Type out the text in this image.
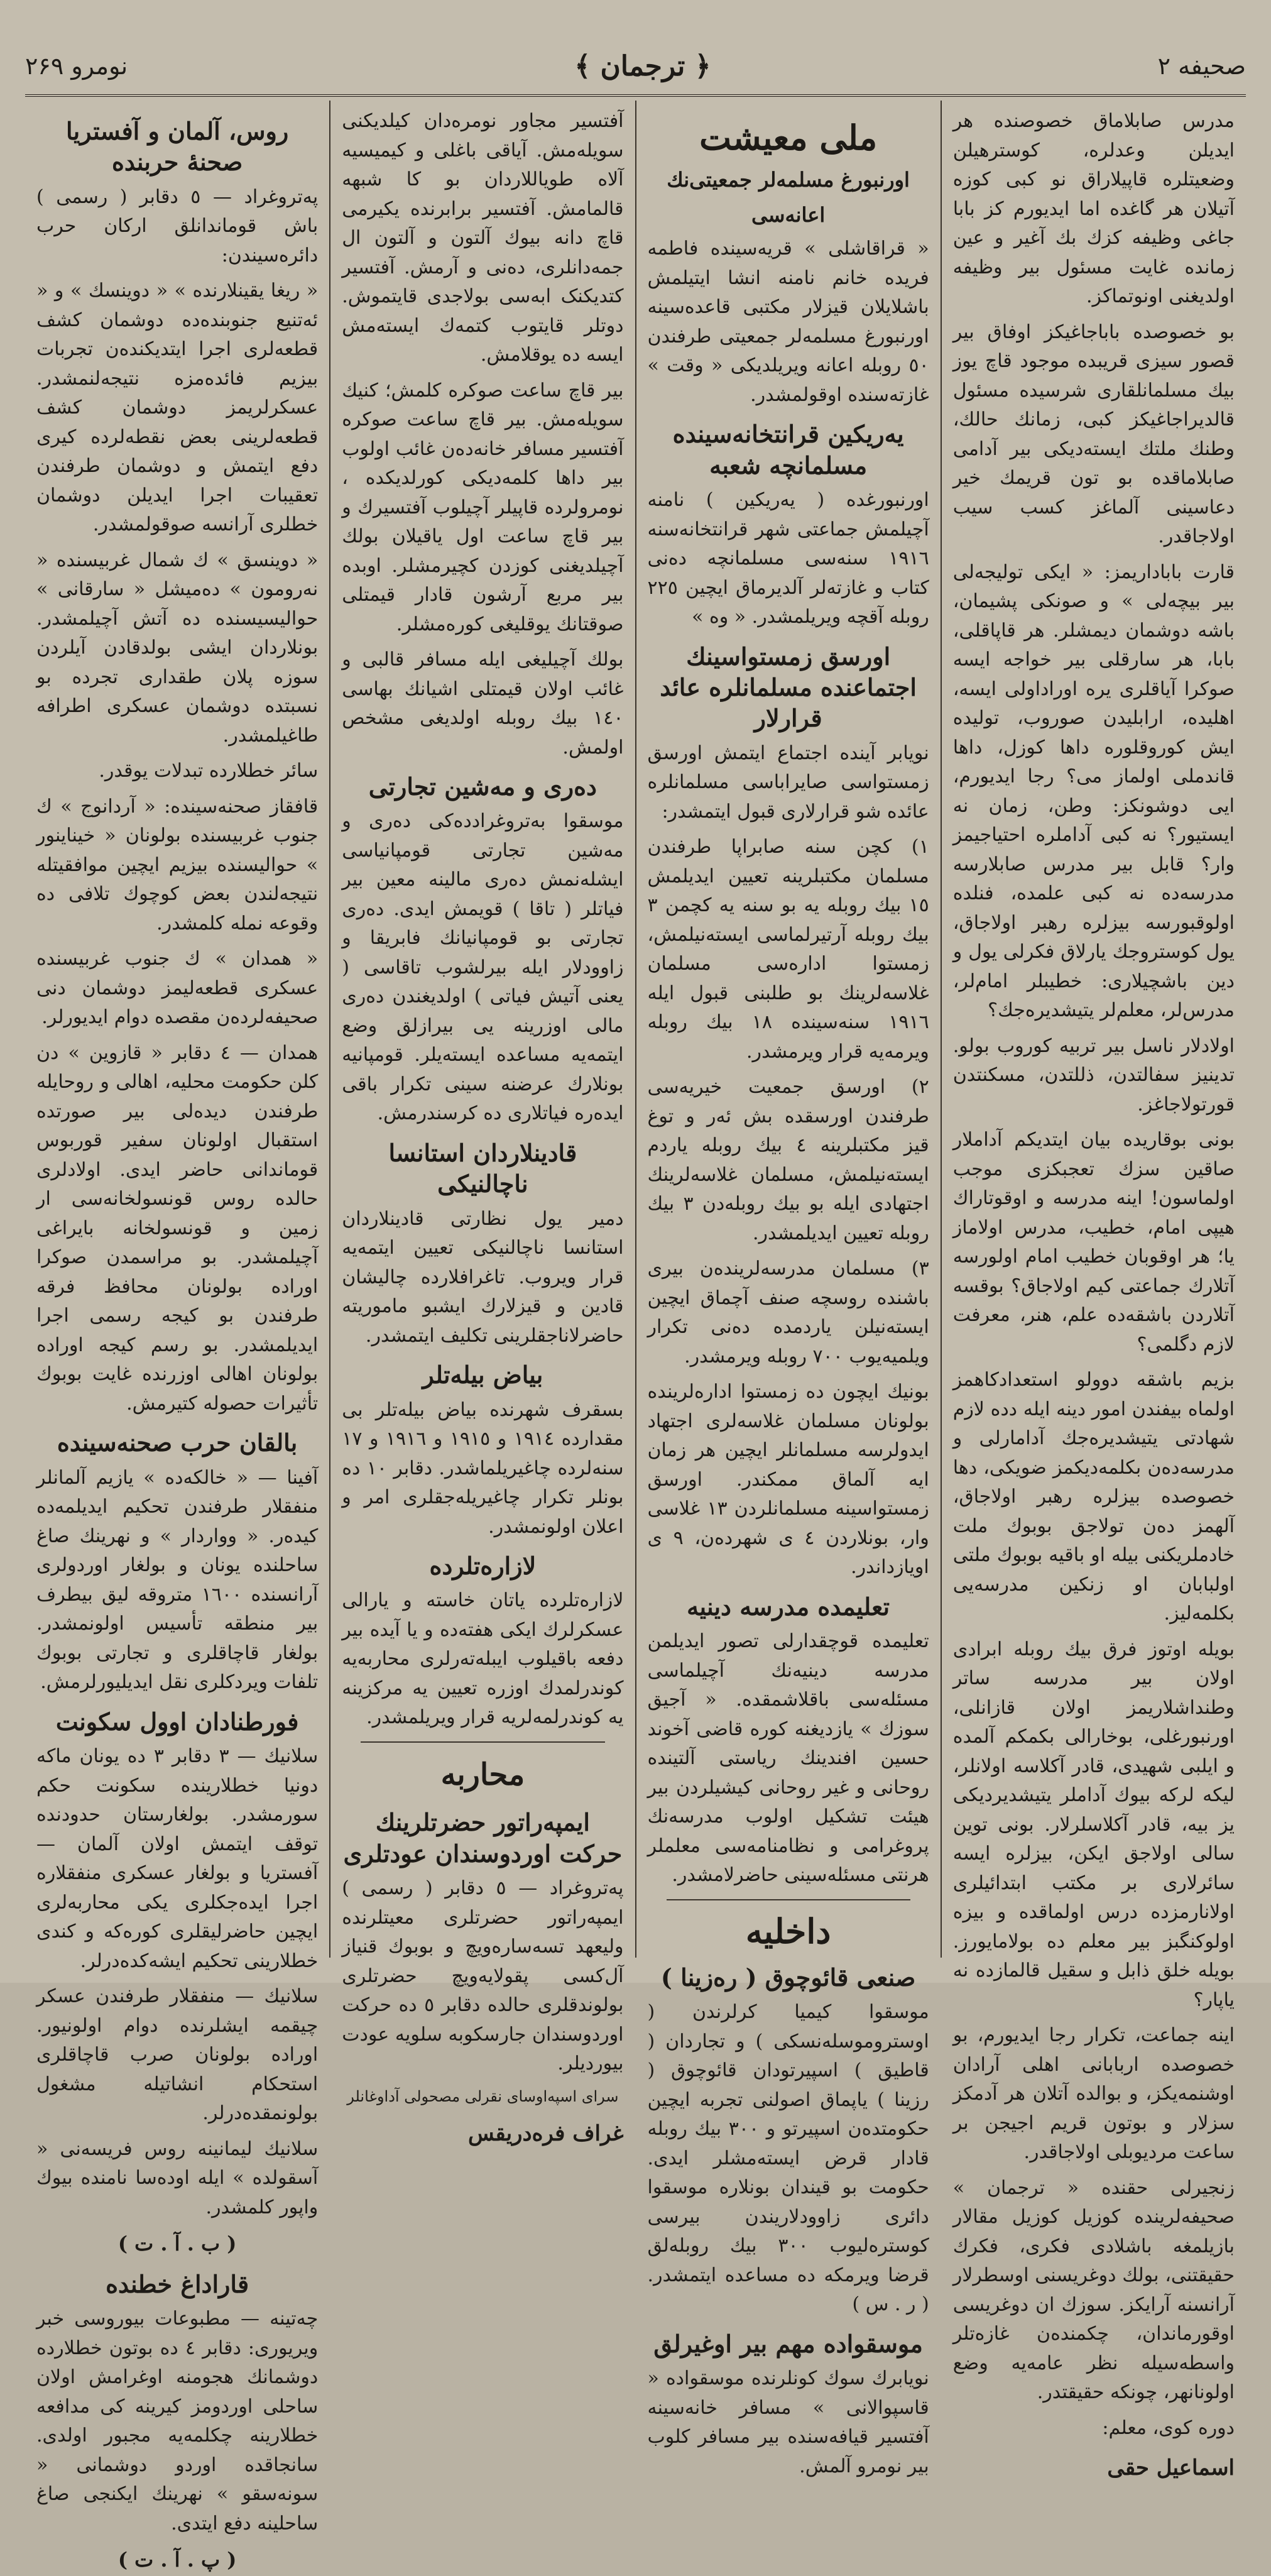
صحیفه ۲
﴿ ترجمان ﴾
نومرو ۲۶۹

مدرس صابلاماق خصوصنده هر ایدیلن وعدلره، کوسترهیلن وضعیتلره قاپیلاراق نو کبی کوزه آتیلان هر گاغده اما ایدیورم کز بابا جاغی وظیفه کزك بك آغیر و عین زمانده غایت مسئول بیر وظیفه اولدیغنی اونوتماکز.

بو خصوصده باباجاغیکز اوفاق بیر قصور سیزی قریبده موجود قاچ یوز بیك مسلمانلقاری شرسیده مسئول قالدیراجاغیکز کبی، زمانك حالك، وطنك ملتك ایسته‌دیکی بیر آدامی صابلاماقده بو تون قریمك خیر دعاسینی آلماغز کسب سیب اولاجاقدر.

قارت باباداریمز: « ایکی تولیجه‌لی بیر بیچه‌لی » و صونکی پشیمان، باشه دوشمان دیمشلر. هر قاپاقلی، بابا، هر سارقلی بیر خواجه ایسه صوکرا آیاقلری یره اوراداولی ایسه، اهلیده، ارابلیدن صوروب، تولیده ایش کوروقلوره داها کوزل، داها قاندملی اولماز می؟ رجا ایدیورم، ایی دوشونکز: وطن، زمان نه ایستیور؟ نه کبی آداملره احتیاجیمز وار؟ قابل بیر مدرس صابلارسه مدرسه‌ده نه کبی علمده، فنلده اولوقبورسه بیزلره رهبر اولاجاق، یول کوستروجك یارلاق فکرلی یول و دین باشچیلاری: خطیبلر امام‌لر، مدرس‌لر، معلم‌لر یتیشدیره‌جك؟

اولادلار ناسل بیر تربیه کوروب بولو. تدینیز سفالتدن، ذللتدن، مسکنتدن قورتولاجاغز.

بونی بوقاریده بیان ایتدیکم آداملار صاقین سزك تعجبکزی موجب اولماسون! اینه مدرسه و اوقوتاراك هیپی امام، خطیب، مدرس اولاماز یا؛ هر اوقوبان خطیب امام اولورسه آتلارك جماعتی کیم اولاجاق؟ بوقسه آتلاردن باشقه‌ده علم، هنر، معرفت لازم دگلمی؟

بزیم باشقه دوولو استعداد‌کاهمز اولماه بیفندن امور دینه ایله دده لازم شهادتی یتیشدیره‌جك آدامارلی و مدرسه‌ده‌ن بكلمه‌دیکمز ضویکی، دها خصوصده بیزلره رهبر اولاجاق، آلهمز ده‌ن تولاجق بوبوك ملت خادملریکنی بیله او باقیه بوبوك ملتی اولبابان او زنکین مدرسه‌یی بکلمه‌لیز.

بویله اوتوز فرق بیك روبله ابرادی اولان بیر مدرسه ساتر وطنداشلاریمز اولان قازانلی، اورنبورغلی، بوخارالی بکمکم آلمده و ایلبی شهیدی، قادر آکلاسه اولانلر، لیکه لرکه بیوك آداملر یتیشدیردیکی یز بیه، قادر آکلاسلرلار. بونی توین سالی اولاجق ایکن، بیزلره ایسه سائرلاری بر مکتب ابتدائیلری اولانارمزده درس اولماقده و بیزه اولوکنگبز بیر معلم ده بولامایورز. بویله خلق ذابل و سقیل قالمازده نه یاپار؟

اینه جماعت، تکرار رجا ایدیورم، بو خصوصده اربابانی اهلی آرادان اوشنمه‌یکز، و بوالده آتلان هر آدمکز سزلار و بوتون قریم اجیجن بر ساعت مردیوبلی اولاجاقدر.

زنجیرلی حقنده « ترجمان » صحیفه‌لرینده کوزیل کوزیل مقالار بازیلمغه باشلادی فکری، فکرك حقیقتنی، بولك دوغریسنی اوسطرلار آرانسنه آرایکز. سوزك ان دوغریسی اوقورماندان، چکمنده‌ن غاز‌ه‌تلر واسطه‌سیله نظر عامه‌یه وضع اولونانهر، چونکه حقیقتدر.

دوره کوی، معلم:
اسماعیل حقی
ملی معیشت
اورنبورغ مسلمه‌لر جمعیتی‌نك
اعانه‌سی

« قراقاشلی » قریه‌سینده فاطمه فریده خانم نامنه انشا ایتیلمش باشلایلان قیزلار مکتبی قاعده‌سینه اورنبورغ مسلمه‌لر جمعیتی طرفندن ٥٠ روبله اعانه ویریلدیکی « وقت » غازته‌سنده اوقولمشدر.

یه‌ریکین قرانتخانه‌سینده مسلمانچه شعبه

اورنبورغده ( یه‌ریکین ) نامنه آچیلمش جماعتی شهر قرانتخانه‌سنه ١٩١٦ سنه‌سی مسلمانچه ده‌نی کتاب و غازته‌لر آلدیرماق ایچین ٢٢٥ روبله آقچه ویریلمشدر. « وه »

اورسق زمستواسینك اجتماعنده مسلمانلره عائد قرارلار

نویابر آینده اجتماع ایتمش اورسق زمستواسی صایراباسی مسلمانلره عائده شو قرارلاری قبول ایتمشدر:

١) کچن سنه صابراپا طرفندن مسلمان مکتبلرینه تعیین ایدیلمش ١٥ بیك روبله یه بو سنه یه کچمن ٣ بیك روبله آرتیرلماسی ایسته‌نیلمش، زمستوا اداره‌سی مسلمان غلاسه‌لرینك بو طلبنی قبول ایله ١٩١٦ سنه‌سینده ١٨ بیك روبله ویرمه‌یه قرار ویرمشدر.

٢) اورسق جمعیت خیریه‌سی طرفندن اورسقده بش ئه‌ر و توغ قیز مکتبلرینه ٤ بیك روبله یاردم ایسته‌نیلمش، مسلمان غلاسه‌لرینك اجتهادی ایله بو بیك روبله‌دن ٣ بیك روبله تعیین ایدیلمشدر.

٣) مسلمان مدرسه‌لرینده‌ن بیری باشنده روسچه صنف آچماق ایچین ایسته‌نیلن یاردمده ده‌نی تکرار ویلمیه‌یوب ٧٠٠ روبله ویرمشدر.

بونیك ایچون ده زمستوا اداره‌لرینده بولونان مسلمان غلاسه‌لری اجتهاد ایدولرسه مسلمانلر ایچین هر زمان ایه آلماق ممکندر. اورسق زمستواسینه مسلمانلردن ١٣ غلاسی وار، بونلاردن ٤ ی شهرده‌ن، ٩ ی اویازداندر.

تعلیمده مدرسه دینیه

تعلیمده قوچقدارلی تصور ایدیلمن مدرسه دینیه‌نك آچیلماسی مسئله‌سی باقلاشمقده. « آجیق سوزك » یازدیغنه کوره قاضی آخوند حسین‌ افندینك ریاستی آلتینده روحانی و غیر روحانی کیشیلردن بیر هیئت تشکیل اولوب مدرسه‌نك پروغرامی و نظامنامه‌سی معلملر هرنتی مسئله‌سینی حاضرلامشدر.

داخلیه
صنعی قائوچوق ( ره‌زینا )

موسقوا کیمیا کرلرندن ( اوستروموسله‌نسکی ) و تجاردان ( قاطیق ) اسپیرتودان قائوچوق ( رزینا ) یاپماق اصولنی تجربه ایچین حکومتده‌ن اسپیرتو و ٣٠٠ بیك روبله قادار قرض ایسته‌مشلر ایدی. حکومت بو قیندان بونلاره موسقوا دائری زاوودلاریندن بیرسی کوستره‌لیوب ٣٠٠ بیك روبله‌لق قرضا ویرمکه ده مساعده ایتمشدر. ( ر . س )

موسقواده مهم بیر اوغیرلق

نویابرك سوك کونلرنده موسقواده « قاسپوالانی » مسافر خانه‌سینه آفتسیر قیافه‌سنده بیر مسافر کلوب بیر نومرو آلمش.

آفتسیر مجاور نومره‌دان کیلدیکنی سویله‌مش. آیاقی باغلی و کیمیسیه آلاه طویاللاردان بو کا شبهه قالمامش. آفتسیر برابرنده یکیرمی قاچ دانه بیوك آلتون و آلتون ال جمه‌دانلری، ده‌نی و آرمش. آفتسیر کتدیکنک ابه‌سی بولاجدی قایتموش. دوتلر قایتوب کتمه‌ك ایسته‌مش ایسه ده یوقلامش.

بیر قاچ ساعت صوکره کلمش؛ کنیك سویله‌مش. بیر قاچ ساعت صوکره آفتسیر مسافر خانه‌ده‌ن غائب اولوب بیر داها کلمه‌دیکی کورلدیکده ، نومرولرده قاپیلر آچیلوب آفتسیرك و بیر قاچ ساعت اول یاقیلان بولك آچیلدیغنی کوزدن کچیرمشلر. اوبده بیر مربع آرشون قادار قیمتلی صوقتانك یوقلیغی کوره‌مشلر.

بولك آچیلیغی ایله مسافر قالبی و غائب اولان قیمتلی اشیانك بهاسی ١٤٠ بیك روبله اولدیغی مشخص اولمش.

ده‌ری و مه‌شین تجارتی

موسقوا به‌تروغرادده‌کی ده‌ری و مه‌شین تجارتی قومپانیاسی ایشله‌نمش ده‌ری مالینه معین بیر فیاتلر ( تاقا ) قویمش ایدی. ده‌ری تجارتی بو قومپانیانك فابریقا و زاوودلار ایله بیرلشوب تاقاسی ( یعنی آتیش فیاتی ) اولدیغندن ده‌ری مالی اوزرینه یی بیرازلق وضع ایتمه‌یه مساعده ایسته‌یلر. قومپانیه بونلارك عرضنه سینی تکرار باقی ایده‌ره فیاتلاری ده کرسندرمش.

قادینلاردان استانسا ناچالنیکی

دمیر یول نظارتی قادینلاردان استانسا ناچالنیکی تعیین ایتمه‌یه قرار ویروب. تاغرافلارده چالیشان قادین و قیزلارك ایشبو ماموریته حاضرلاناجقلرینی تکلیف ایتمشدر.

بیاض بیله‌تلر

بسقرف شهرنده بیاض بیله‌تلر بی مقدارده ١٩١٤ و ١٩١٥ و ١٩١٦ و ١٧ سنه‌لرده چاغیریلماشدر. دقابر ١٠ ده بونلر تکرار چاغیریله‌جقلری امر و اعلان اولونمشدر.

لازاره‌تلرده

لازاره‌تلرده یاتان خاسته و یارالی عسکرلرك ایکی هفته‌ده و یا آیده بیر دفعه باقیلوب ایبله‌ته‌رلری محاربه‌یه کوندرلمدك اوزره تعیین یه مرکزینه یه کوندرلمه‌لریه قرار ویریلمشدر.

محاربه
ایمپه‌راتور حضرتلرینك حرکت اوردوسندان عودتلری

په‌تروغراد — ٥ دقابر ( رسمی ) ایمپه‌راتور حضرتلری معیتلرنده ولیعهد تسه‌ساره‌ویچ و بوبوك قنیاز آل‌کسی پقولایه‌ویچ حضرتلری بولوندقلری حالده دقابر ٥ ده حرکت اوردوسندان جارسکوبه سلویه عودت بیوردیلر.

سرای اسپه‌اوسای نقرلی مصحولی آداوغانلر
غراف فره‌دریقس
روس، آلمان و آفستریا صحنهٔ حربنده

په‌تروغراد — ٥ دقابر ( رسمی ) باش قوماندانلق ارکان حرب دائره‌سیندن:

« ریغا یقینلارنده » « دوینسك » و « ئه‌تنیع جنوبنده‌ده دوشمان کشف قطعه‌لری اجرا ایتدیکنده‌ن تجربات بیزیم فائده‌مزه نتیجه‌لنمشدر. عسکرلریمز دوشمان کشف قطعه‌لرینی بعض نقطه‌لرده کیری دفع ایتمش و دوشمان طرفندن تعقیبات اجرا ایدیلن دوشمان خطلری آرانسه صوقولمشدر.

« دوینسق » ك شمال غربیسنده « نه‌رومون » ده‌میشل « سارقانی » حوالیسیسنده ده آتش آچیلمشدر. بونلاردان ایشی بولدقادن آیلردن سوزه پلان طقداری تجرده بو نسبتده دوشمان عسکری اطرافه طاغیلمشدر.

سائر خطلارده تبدلات یوقدر.

قافقاز صحنه‌سینده: « آردانوج » ك جنوب غربیسنده بولونان « خیناینور » حوالیسنده بیزیم ایچین موافقیتله نتیجه‌لندن بعض کوچوك تلافی ده وقوعه نمله کلمشدر.

« همدان » ك جنوب غربیسنده عسکری قطعه‌لیمز دوشمان‌ دنی صحیفه‌لرده‌ن مقصده دوام ایدیورلر.

همدان — ٤ دقابر « قازوین » دن کلن حکومت محلیه، اهالی و روحایله طرفندن دیده‌لی بیر صورتده استقبال اولونان سفیر قوربوس قوماندانی حاضر ایدی. اولادلری حالده روس قونسولخانه‌سی ار زمین و قونسولخانه بایراغی آچیلمشدر. بو مراسمدن صوکرا اوراده بولونان محافظ فرقه طرفندن بو کیجه رسمی اجرا ایدیلمشدر. بو رسم کیجه اوراده بولونان اهالی اوزرنده غایت بوبوك تأثیرات حصوله کتیرمش.

بالقان حرب صحنه‌سینده

آفینا — « خالکه‌ده » یازیم آلمانلر منفقلار طرفندن تحکیم ایدیلمه‌ده کیده‌ر. « وواردار » و نهرینك صاغ ساحلنده یونان و بولغار اوردولری آرانسنده ١٦٠٠ متروقه لیق بیطرف بیر منطقه تأسیس اولونمشدر. بولغار قاچاقلری و تجارتی بوبوك تلفات ویردکلری نقل ایدیلیورلرمش.

فورطنادان اوول سکونت

سلانیك — ٣ دقابر ٣ ده یونان ماکه دونیا خطلارینده سکونت حکم سورمشدر. بولغارستان حدودنده توقف ایتمش اولان آلمان — آفستریا و بولغار عسکری منفقلاره اجرا ایده‌جکلری یکی محاربه‌لری ایچین حاضرلیقلری کوره‌که و کندی خطلارینی تحکیم ایشه‌کده‌درلر.

سلانیك — منفقلار طرفندن عسکر چیقمه ایشلرنده دوام اولونیور. اوراده بولونان صرب قاچاقلری استحکام انشاتیله مشغول بولونمقده‌درلر.

سلانیك لیمانینه روس فریسه‌نی « آسقولده » ایله اوده‌سا نامنده بیوك واپور کلمشدر.

( ب . آ . ت )
قاراداغ خطنده

چه‌تینه — مطبوعات بیوروسی خبر ویریوری: دقابر ٤ ده بوتون خطلارده دوشمانك هجومنه اوغرامش اولان ساحلی اوردومز کیرینه کی مدافعه خطلارینه چکلمه‌یه مجبور اولدی. سانجاقده اوردو دوشمانی « سونه‌سقو » نهرینك ایکنجی صاغ ساحلینه دفع ایتدی.

( پ . آ . ت )
